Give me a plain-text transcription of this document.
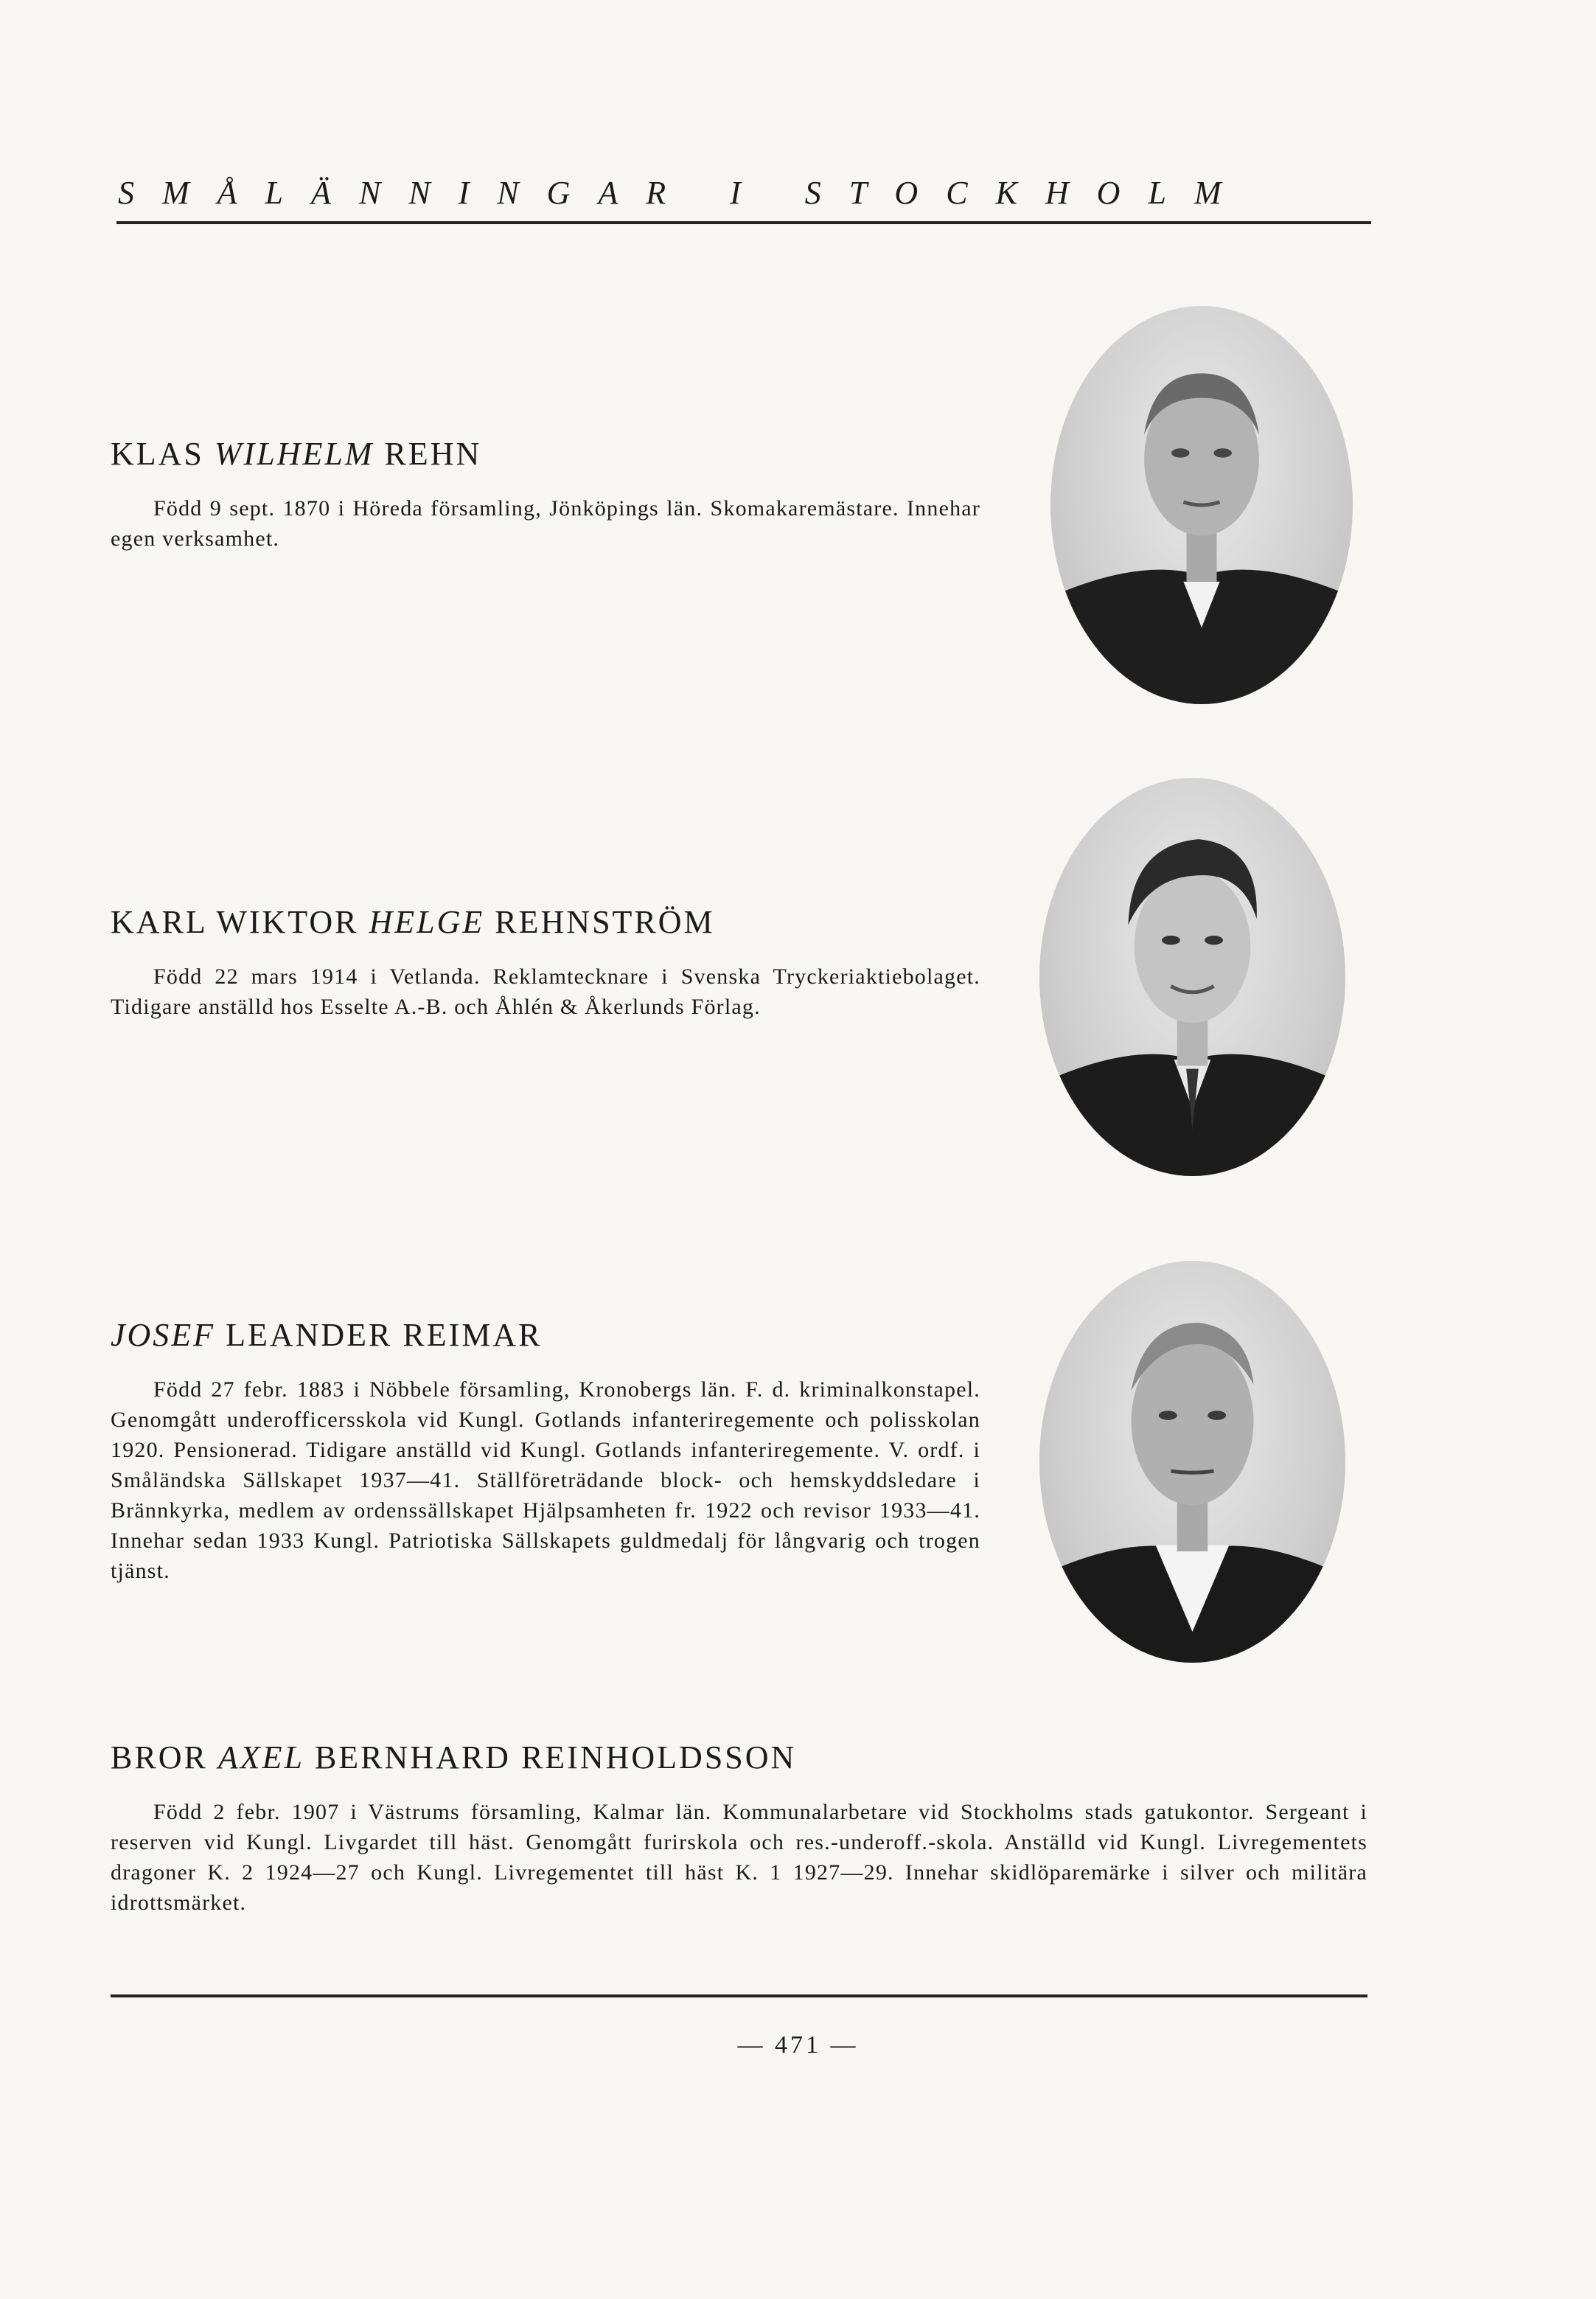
SMÅLÄNNINGAR I STOCKHOLM
KLAS WILHELM REHN

Född 9 sept. 1870 i Höreda församling, Jönköpings län. Skomakaremästare. Innehar egen verksamhet.

KARL WIKTOR HELGE REHNSTRÖM

Född 22 mars 1914 i Vetlanda. Reklamtecknare i Svenska Tryckeriaktiebolaget. Tidigare anställd hos Esselte A.-B. och Åhlén & Åkerlunds Förlag.

JOSEF LEANDER REIMAR

Född 27 febr. 1883 i Nöbbele församling, Kronobergs län. F. d. kriminalkonstapel. Genomgått underofficersskola vid Kungl. Gotlands infanteriregemente och polisskolan 1920. Pensionerad. Tidigare anställd vid Kungl. Gotlands infanteriregemente. V. ordf. i Småländska Sällskapet 1937—41. Ställföreträdande block- och hemskyddsledare i Brännkyrka, medlem av ordenssällskapet Hjälpsamheten fr. 1922 och revisor 1933—41. Innehar sedan 1933 Kungl. Patriotiska Sällskapets guldmedalj för långvarig och trogen tjänst.

BROR AXEL BERNHARD REINHOLDSSON

Född 2 febr. 1907 i Västrums församling, Kalmar län. Kommunalarbetare vid Stockholms stads gatukontor. Sergeant i reserven vid Kungl. Livgardet till häst. Genomgått furirskola och res.-underoff.-skola. Anställd vid Kungl. Livregementets dragoner K. 2 1924—27 och Kungl. Livregementet till häst K. 1 1927—29. Innehar skidlöparemärke i silver och militära idrottsmärket.

— 471 —
